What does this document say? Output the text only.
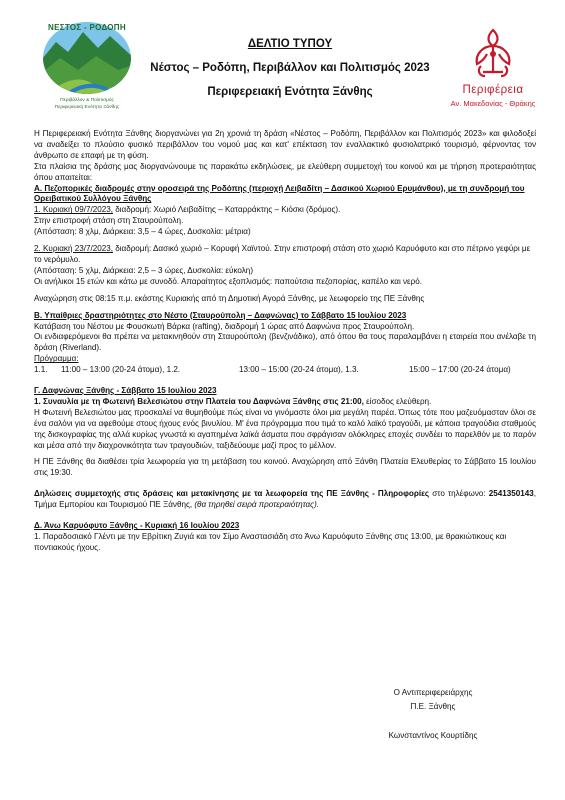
ΝΕΣΤΟΣ - ΡΟΔΟΠΗ
Περιβάλλον & Πολιτισμός
Περιφερειακή Ενότητα Ξάνθης
ΔΕΛΤΙΟ ΤΥΠΟΥ
Νέστος – Ροδόπη, Περιβάλλον και Πολιτισμός 2023
Περιφερειακή Ενότητα Ξάνθης	Περιφέρεια
Αν. Μακεδονίας - Θράκης

Η Περιφερειακή Ενότητα Ξάνθης διοργανώνει για 2η χρονιά τη δράση «Νέστος – Ροδόπη, Περιβάλλον και Πολιτισμός 2023» και φιλοδοξεί να αναδείξει το πλούσιο φυσικό περιβάλλον του νομού μας και κατ' επέκταση τον εναλλακτικό φυσιολατρικό τουρισμό, φέρνοντας τον άνθρωπο σε επαφή με τη φύση.

Στα πλαίσια της δράσης μας διοργανώνουμε τις παρακάτω εκδηλώσεις, με ελεύθερη συμμετοχή του κοινού και με τήρηση προτεραιότητας όπου απαιτείται:

Α. Πεζοπορικές διαδρομές στην οροσειρά της Ροδόπης (περιοχή Λειβαδίτη – Δασικού Χωριού Ερυμάνθου), με τη συνδρομή του Ορειβατικού Συλλόγου Ξάνθης

1. Κυριακή 09/7/2023, διαδρομή: Χωριό Λειβαδίτης – Καταρράκτης – Κιόσκι (δρόμος).

Στην επιστροφή στάση στη Σταυρούπολη.

(Απόσταση: 8 χλμ, Διάρκεια: 3,5 – 4 ώρες, Δυσκολία: μέτρια)

2. Κυριακή 23/7/2023, διαδρομή: Δασικό χωριό – Κορυφή Χαϊντού. Στην επιστροφή στάση στο χωριό Καρυόφυτο και στο πέτρινο γεφύρι με το νερόμυλο.

(Απόσταση: 5 χλμ, Διάρκεια: 2,5 – 3 ώρες, Δυσκολία: εύκολη)

Οι ανήλικοι 15 ετών και κάτω με συνοδό. Απαραίτητος εξοπλισμός: παπούτσια πεζοπορίας, καπέλο και νερό.

Αναχώρηση στις 08:15 π.μ. εκάστης Κυριακής από τη Δημοτική Αγορά Ξάνθης, με λεωφορείο της ΠΕ Ξάνθης

Β. Υπαίθριες δραστηριότητες στο Νέστο (Σταυρούπολη – Δαφνώνας) το Σάββατο 15 Ιουλίου 2023

Κατάβαση του Νέστου με Φουσκωτή Βάρκα (rafting), διαδρομή 1 ώρας από Δαφνώνα προς Σταυρούπολη.

Οι ενδιαφερόμενοι θα πρέπει να μετακινηθούν στη Σταυρούπολη (βενζινάδικο), από όπου θα τους παραλαμβάνει η εταιρεία που ανέλαβε τη δράση (Riverland).

Πρόγραμμα:

1.1.      11:00 – 13:00 (20-24 άτομα), 1.2.	13:00 – 15:00 (20-24 άτομα), 1.3.	15:00 – 17:00 (20-24 άτομα)

Γ. Δαφνώνας Ξάνθης - Σάββατο 15 Ιουλίου 2023

1. Συναυλία με τη Φωτεινή Βελεσιώτου στην Πλατεία του Δαφνώνα Ξάνθης στις 21:00, είσοδος ελεύθερη.

Η Φωτεινή Βελεσιώτου μας προσκαλεί να θυμηθούμε πώς είναι να γινόμαστε όλοι μια μεγάλη παρέα. Όπως τότε που μαζευόμασταν όλοι σε ένα σαλόνι για να αφεθούμε στους ήχους ενός βινυλίου. Μ' ένα πρόγραμμα που τιμά το καλό λαϊκό τραγούδι, με κάποια τραγούδια σταθμούς της δισκογραφίας της αλλά κυρίως γνωστά κι αγαπημένα λαϊκά άσματα που σφράγισαν ολόκληρες εποχές συνδέει το παρελθόν με το παρόν και μέσα από την διαχρονικότητα των τραγουδιών, ταξιδεύουμε μαζί προς το μέλλον.

Η ΠΕ Ξάνθης θα διαθέσει τρία λεωφορεία για τη μετάβαση του κοινού. Αναχώρηση από Ξάνθη Πλατεία Ελευθερίας το Σάββατο 15 Ιουλίου στις 19:30.

Δηλώσεις συμμετοχής στις δράσεις και μετακίνησης με τα λεωφορεία της ΠΕ Ξάνθης - Πληροφορίες στο τηλέφωνο: 2541350143, Τμήμα Εμπορίου και Τουρισμού ΠΕ Ξάνθης, (θα τηρηθεί σειρά προτεραιότητας).

Δ. Άνω Καρυόφυτο Ξάνθης - Κυριακή 16 Ιουλίου 2023

1. Παραδοσιακό Γλέντι με την Εβρίτικη Ζυγιά και τον Σίμο Αναστασιάδη στο Άνω Καρυόφυτο Ξάνθης στις 13:00, με θρακιώτικους και ποντιακούς ήχους.

Ο Αντιπεριφερειάρχης
Π.Ε. Ξάνθης
Κωνσταντίνος Κουρτίδης
